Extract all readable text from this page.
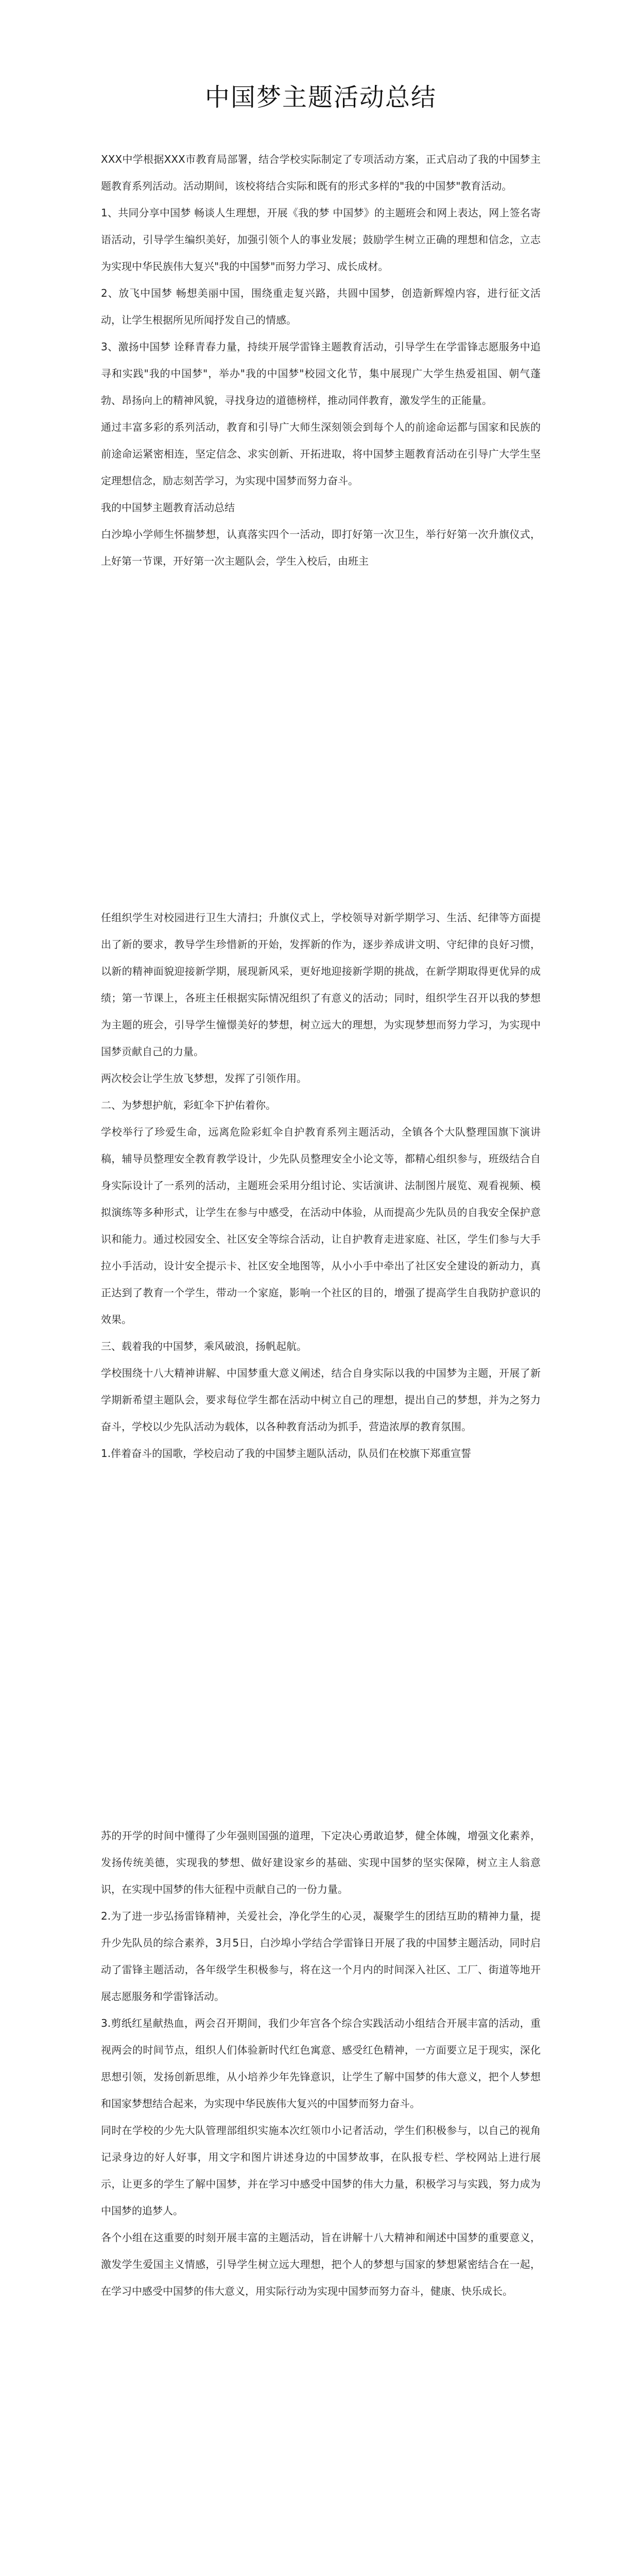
中国梦主题活动总结

XXX中学根据XXX市教育局部署，结合学校实际制定了专项活动方案，正式启动了我的中国梦主题教育系列活动。活动期间，该校将结合实际和既有的形式多样的"我的中国梦"教育活动。

1、共同分享中国梦 畅谈人生理想，开展《我的梦 中国梦》的主题班会和网上表达，网上签名寄语活动，引导学生编织美好，加强引领个人的事业发展；鼓励学生树立正确的理想和信念，立志为实现中华民族伟大复兴"我的中国梦"而努力学习、成长成材。

2、放飞中国梦 畅想美丽中国，围绕重走复兴路，共圆中国梦，创造新辉煌内容，进行征文活动，让学生根据所见所闻抒发自己的情感。

3、激扬中国梦 诠释青春力量，持续开展学雷锋主题教育活动，引导学生在学雷锋志愿服务中追寻和实践"我的中国梦"，举办"我的中国梦"校园文化节，集中展现广大学生热爱祖国、朝气蓬勃、昂扬向上的精神风貌，寻找身边的道德榜样，推动同伴教育，激发学生的正能量。

通过丰富多彩的系列活动，教育和引导广大师生深刻领会到每个人的前途命运都与国家和民族的前途命运紧密相连，坚定信念、求实创新、开拓进取，将中国梦主题教育活动在引导广大学生坚定理想信念，励志刻苦学习，为实现中国梦而努力奋斗。

我的中国梦主题教育活动总结

白沙埠小学师生怀揣梦想，认真落实四个一活动，即打好第一次卫生，举行好第一次升旗仪式，上好第一节课，开好第一次主题队会，学生入校后，由班主

任组织学生对校园进行卫生大清扫；升旗仪式上，学校领导对新学期学习、生活、纪律等方面提出了新的要求，教导学生珍惜新的开始，发挥新的作为，逐步养成讲文明、守纪律的良好习惯，以新的精神面貌迎接新学期，展现新风采，更好地迎接新学期的挑战，在新学期取得更优异的成绩；第一节课上，各班主任根据实际情况组织了有意义的活动；同时，组织学生召开以我的梦想为主题的班会，引导学生憧憬美好的梦想，树立远大的理想，为实现梦想而努力学习，为实现中国梦贡献自己的力量。

两次校会让学生放飞梦想，发挥了引领作用。

二、为梦想护航，彩虹伞下护佑着你。

学校举行了珍爱生命，远离危险彩虹伞自护教育系列主题活动，全镇各个大队整理国旗下演讲稿，辅导员整理安全教育教学设计，少先队员整理安全小论文等，都精心组织参与，班级结合自身实际设计了一系列的活动，主题班会采用分组讨论、实话演讲、法制图片展览、观看视频、模拟演练等多种形式，让学生在参与中感受，在活动中体验，从而提高少先队员的自我安全保护意识和能力。通过校园安全、社区安全等综合活动，让自护教育走进家庭、社区，学生们参与大手拉小手活动，设计安全提示卡、社区安全地图等，从小小手中牵出了社区安全建设的新动力，真正达到了教育一个学生，带动一个家庭，影响一个社区的目的，增强了提高学生自我防护意识的效果。

三、载着我的中国梦，乘风破浪，扬帆起航。

学校围绕十八大精神讲解、中国梦重大意义阐述，结合自身实际以我的中国梦为主题，开展了新学期新希望主题队会，要求每位学生都在活动中树立自己的理想，提出自己的梦想，并为之努力奋斗，学校以少先队活动为载体，以各种教育活动为抓手，营造浓厚的教育氛围。

1.伴着奋斗的国歌，学校启动了我的中国梦主题队活动，队员们在校旗下郑重宣誓

苏的开学的时间中懂得了少年强则国强的道理，下定决心勇敢追梦，健全体魄，增强文化素养，发扬传统美德，实现我的梦想、做好建设家乡的基础、实现中国梦的坚实保障，树立主人翁意识，在实现中国梦的伟大征程中贡献自己的一份力量。

2.为了进一步弘扬雷锋精神，关爱社会，净化学生的心灵，凝聚学生的团结互助的精神力量，提升少先队员的综合素养，3月5日，白沙埠小学结合学雷锋日开展了我的中国梦主题活动，同时启动了雷锋主题活动，各年级学生积极参与，将在这一个月内的时间深入社区、工厂、街道等地开展志愿服务和学雷锋活动。

3.剪纸红星献热血，两会召开期间，我们少年宫各个综合实践活动小组结合开展丰富的活动，重视两会的时间节点，组织人们体验新时代红色寓意、感受红色精神，一方面要立足于现实，深化思想引领，发扬创新思维，从小培养少年先锋意识，让学生了解中国梦的伟大意义，把个人梦想和国家梦想结合起来，为实现中华民族伟大复兴的中国梦而努力奋斗。

同时在学校的少先大队管理部组织实施本次红领巾小记者活动，学生们积极参与，以自己的视角记录身边的好人好事，用文字和图片讲述身边的中国梦故事，在队报专栏、学校网站上进行展示，让更多的学生了解中国梦，并在学习中感受中国梦的伟大力量，积极学习与实践，努力成为中国梦的追梦人。

各个小组在这重要的时刻开展丰富的主题活动，旨在讲解十八大精神和阐述中国梦的重要意义，激发学生爱国主义情感，引导学生树立远大理想，把个人的梦想与国家的梦想紧密结合在一起，在学习中感受中国梦的伟大意义，用实际行动为实现中国梦而努力奋斗，健康、快乐成长。
